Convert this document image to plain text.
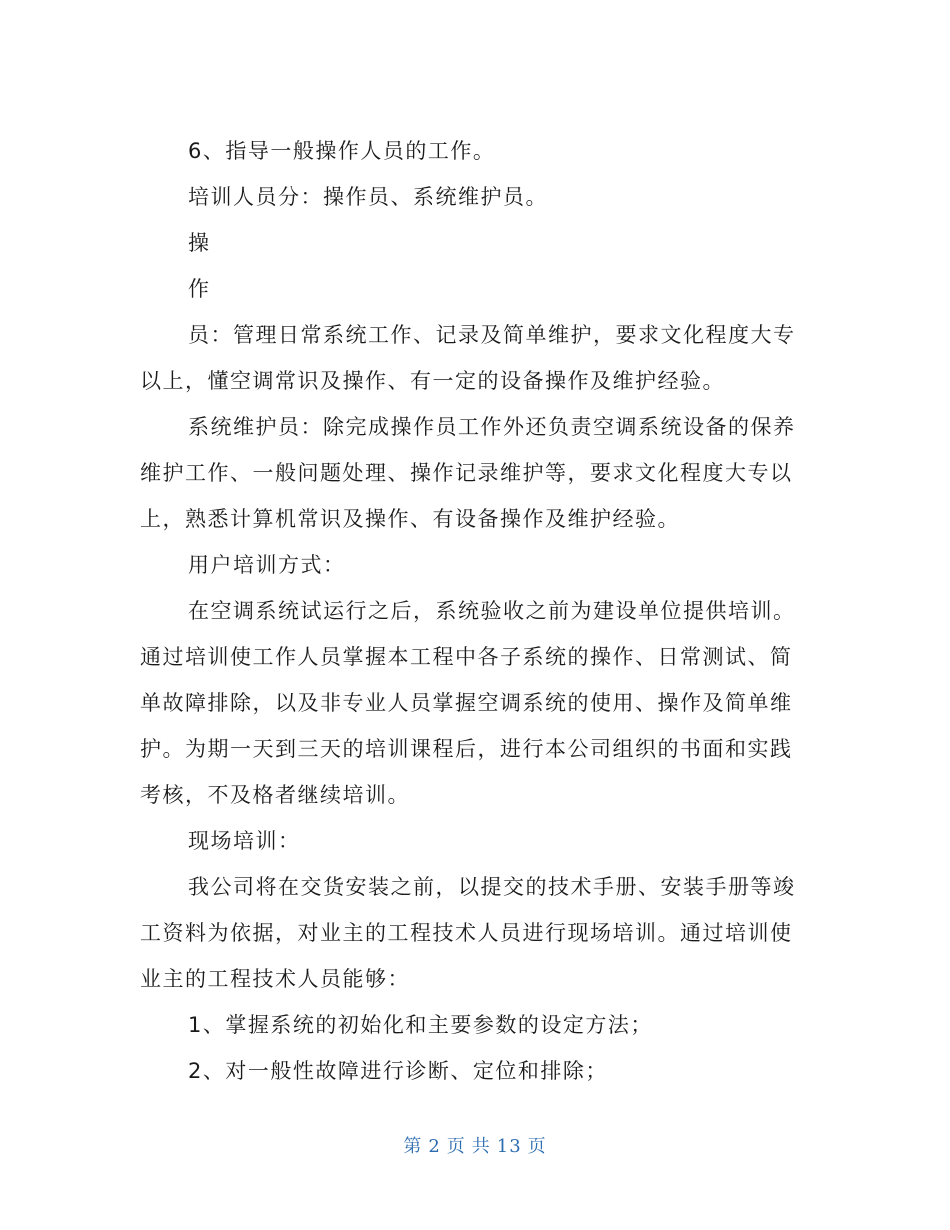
6、指导一般操作人员的工作。

培训人员分：操作员、系统维护员。

操

作

员：管理日常系统工作、记录及简单维护，要求文化程度大专以上，懂空调常识及操作、有一定的设备操作及维护经验。

系统维护员：除完成操作员工作外还负责空调系统设备的保养维护工作、一般问题处理、操作记录维护等，要求文化程度大专以上，熟悉计算机常识及操作、有设备操作及维护经验。

用户培训方式：

在空调系统试运行之后，系统验收之前为建设单位提供培训。通过培训使工作人员掌握本工程中各子系统的操作、日常测试、简单故障排除，以及非专业人员掌握空调系统的使用、操作及简单维护。为期一天到三天的培训课程后，进行本公司组织的书面和实践考核，不及格者继续培训。

现场培训：

我公司将在交货安装之前，以提交的技术手册、安装手册等竣工资料为依据，对业主的工程技术人员进行现场培训。通过培训使业主的工程技术人员能够：

1、掌握系统的初始化和主要参数的设定方法；

2、对一般性故障进行诊断、定位和排除；

第 2 页 共 13 页
